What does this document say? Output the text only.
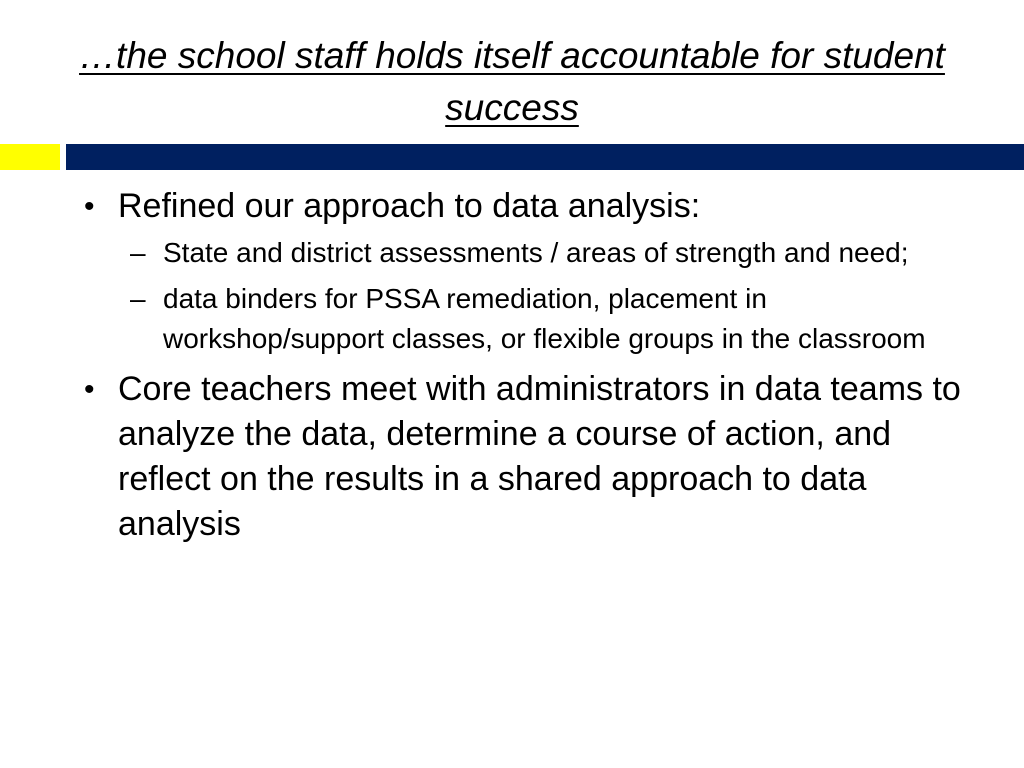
…the school staff holds itself accountable for student success
• Refined our approach to data analysis:
– State and district assessments / areas of strength and need;
– data binders for PSSA remediation, placement in workshop/support classes, or flexible groups in the classroom
• Core teachers meet with administrators in data teams to analyze the data, determine a course of action, and reflect on the results in a shared approach to data analysis
